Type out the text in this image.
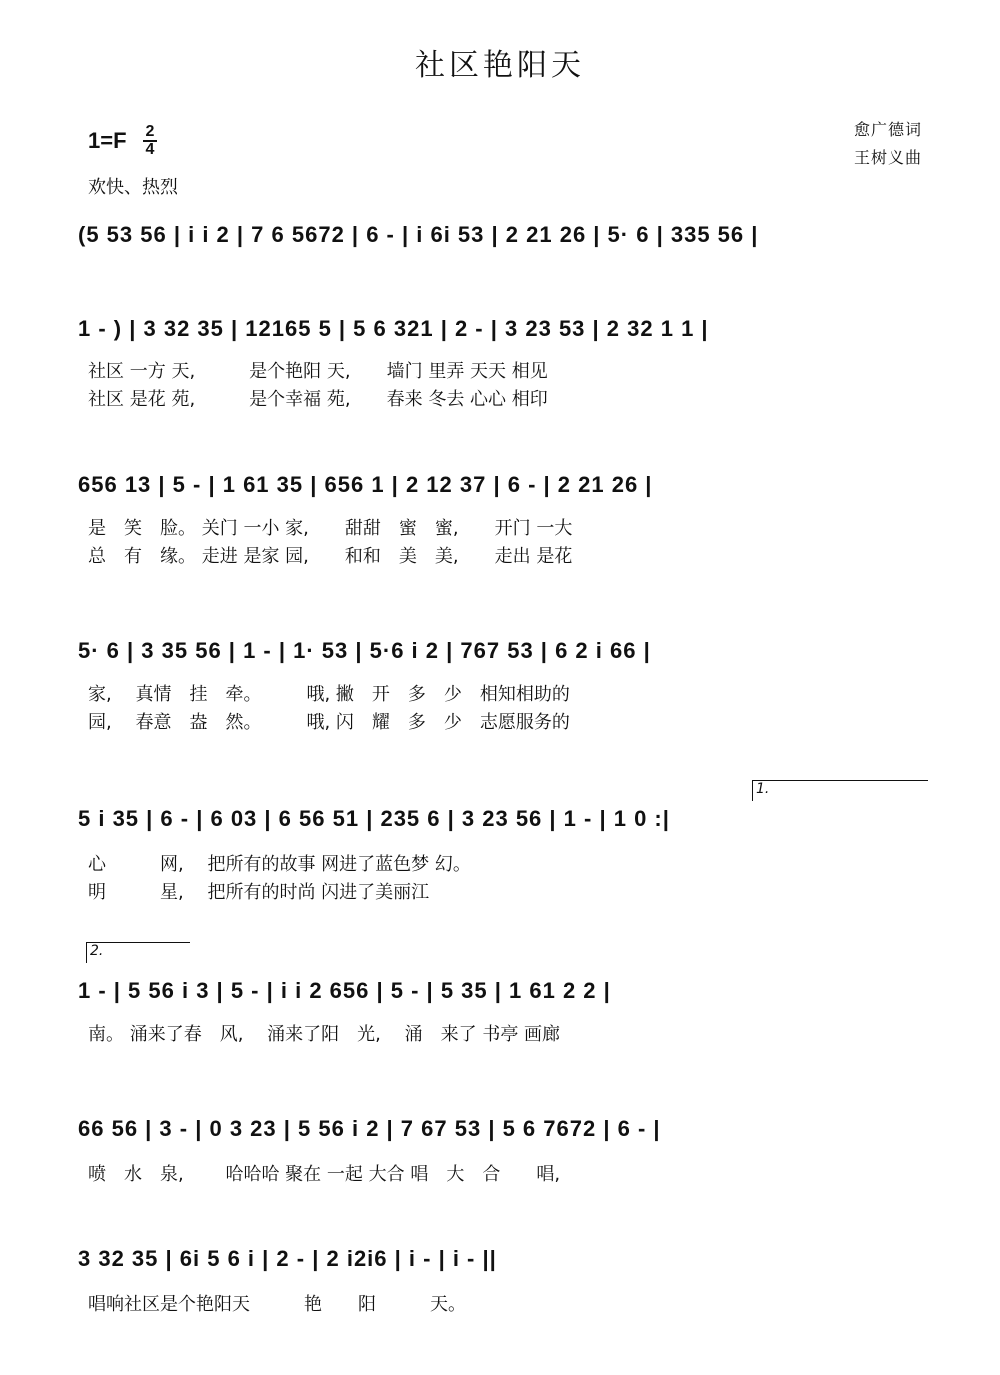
社区艳阳天
愈广德词
王树义曲
1=F 2
4
欢快、热烈
(5 53 56 | i i 2 | 7 6 5672 | 6 - | i 6i 53 | 2 21 26 | 5· 6 | 335 56 |
1 - ) | 3 32 35 | 12165 5 | 5 6 321 | 2 - | 3 23 53 | 2 32 1 1 |
社区 一方 天,　　　是个艳阳 天,　　墙门 里弄 天天 相见
社区 是花 苑,　　　是个幸福 苑,　　春来 冬去 心心 相印
656 13 | 5 - | 1 61 35 | 656 1 | 2 12 37 | 6 - | 2 21 26 |
是　笑　脸。 关门 一小 家,　　甜甜　蜜　蜜,　　开门 一大
总　有　缘。 走进 是家 园,　　和和　美　美,　　走出 是花
5· 6 | 3 35 56 | 1 - | 1· 53 | 5·6 i 2 | 767 53 | 6 2 i 66 |
家,　 真情　挂　牵。　　　哦, 撇　开　多　少　相知相助的
园,　 春意　盎　然。　　　哦, 闪　耀　多　少　志愿服务的
1.
5 i 35 | 6 - | 6 03 | 6 56 51 | 235 6 | 3 23 56 | 1 - | 1 0 :|
心　　　网,　 把所有的故事 网进了蓝色梦 幻。
明　　　星,　 把所有的时尚 闪进了美丽江
2.
1 - | 5 56 i 3 | 5 - | i i 2 656 | 5 - | 5 35 | 1 61 2 2 |
南。 涌来了春　风,　 涌来了阳　光,　 涌　来了 书亭 画廊
66 56 | 3 - | 0 3 23 | 5 56 i 2 | 7 67 53 | 5 6 7672 | 6 - |
喷　水　泉,　　 哈哈哈 聚在 一起 大合 唱　大　合　　唱,
3 32 35 | 6i 5 6 i | 2 - | 2 i2i6 | i - | i - ||
唱响社区是个艳阳天　　　艳　　阳　　　天。
